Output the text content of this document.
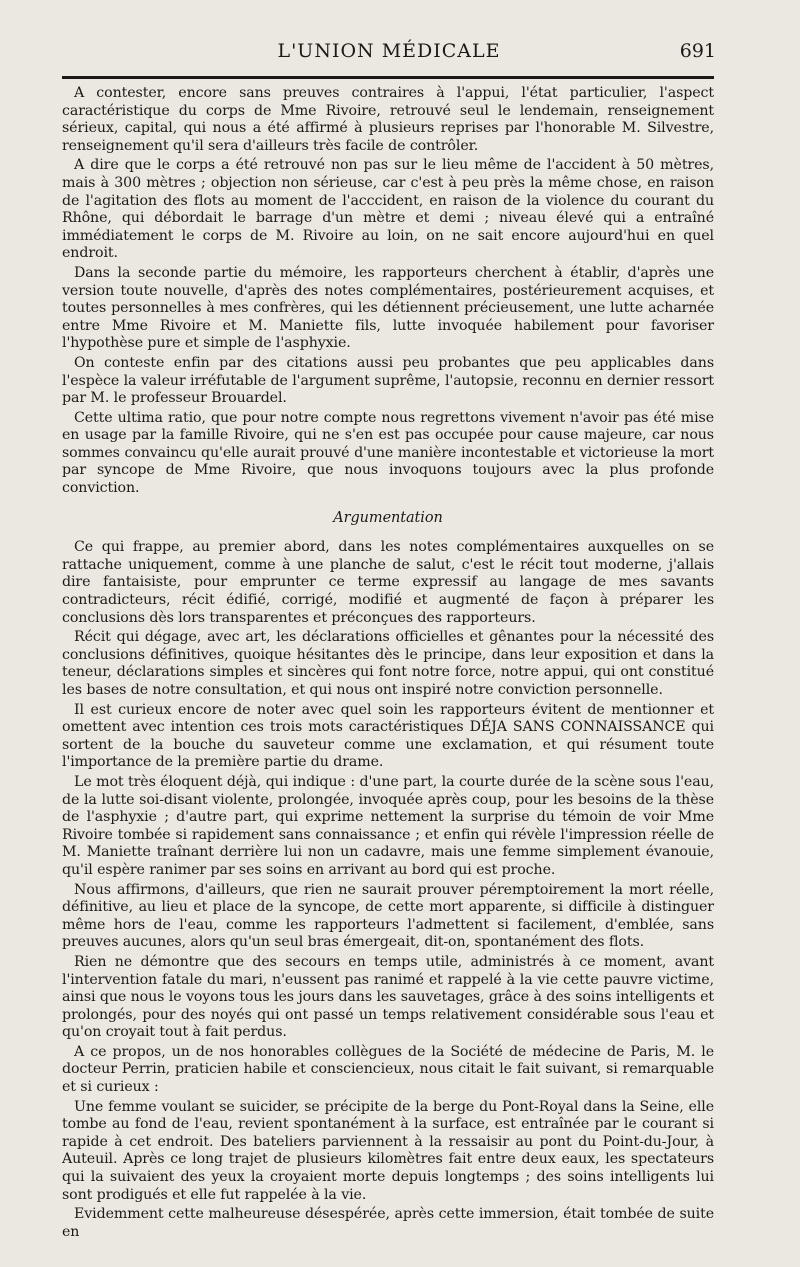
L'UNION MÉDICALE	691

A contester, encore sans preuves contraires à l'appui, l'état particulier, l'aspect caractéristique du corps de Mme Rivoire, retrouvé seul le lendemain, renseignement sérieux, capital, qui nous a été affirmé à plusieurs reprises par l'honorable M. Silvestre, renseignement qu'il sera d'ailleurs très facile de contrôler.

A dire que le corps a été retrouvé non pas sur le lieu même de l'accident à 50 mètres, mais à 300 mètres ; objection non sérieuse, car c'est à peu près la même chose, en raison de l'agitation des flots au moment de l'acccident, en raison de la violence du courant du Rhône, qui débordait le barrage d'un mètre et demi ; niveau élevé qui a entraîné immédiatement le corps de M. Rivoire au loin, on ne sait encore aujourd'hui en quel endroit.

Dans la seconde partie du mémoire, les rapporteurs cherchent à établir, d'après une version toute nouvelle, d'après des notes complémentaires, postérieurement acquises, et toutes personnelles à mes confrères, qui les détiennent précieusement, une lutte acharnée entre Mme Rivoire et M. Maniette fils, lutte invoquée habilement pour favoriser l'hypothèse pure et simple de l'asphyxie.

On conteste enfin par des citations aussi peu probantes que peu applicables dans l'espèce la valeur irréfutable de l'argument suprême, l'autopsie, reconnu en dernier ressort par M. le professeur Brouardel.

Cette ultima ratio, que pour notre compte nous regrettons vivement n'avoir pas été mise en usage par la famille Rivoire, qui ne s'en est pas occupée pour cause majeure, car nous sommes convaincu qu'elle aurait prouvé d'une manière incontestable et victorieuse la mort par syncope de Mme Rivoire, que nous invoquons toujours avec la plus profonde conviction.

Argumentation

Ce qui frappe, au premier abord, dans les notes complémentaires auxquelles on se rattache uniquement, comme à une planche de salut, c'est le récit tout moderne, j'allais dire fantaisiste, pour emprunter ce terme expressif au langage de mes savants contradicteurs, récit édifié, corrigé, modifié et augmenté de façon à préparer les conclusions dès lors transparentes et préconçues des rapporteurs.

Récit qui dégage, avec art, les déclarations officielles et gênantes pour la nécessité des conclusions définitives, quoique hésitantes dès le principe, dans leur exposition et dans la teneur, déclarations simples et sincères qui font notre force, notre appui, qui ont constitué les bases de notre consultation, et qui nous ont inspiré notre conviction personnelle.

Il est curieux encore de noter avec quel soin les rapporteurs évitent de mentionner et omettent avec intention ces trois mots caractéristiques DÉJA SANS CONNAISSANCE qui sortent de la bouche du sauveteur comme une exclamation, et qui résument toute l'importance de la première partie du drame.

Le mot très éloquent déjà, qui indique : d'une part, la courte durée de la scène sous l'eau, de la lutte soi-disant violente, prolongée, invoquée après coup, pour les besoins de la thèse de l'asphyxie ; d'autre part, qui exprime nettement la surprise du témoin de voir Mme Rivoire tombée si rapidement sans connaissance ; et enfin qui révèle l'impression réelle de M. Maniette traînant derrière lui non un cadavre, mais une femme simplement évanouie, qu'il espère ranimer par ses soins en arrivant au bord qui est proche.

Nous affirmons, d'ailleurs, que rien ne saurait prouver péremptoirement la mort réelle, définitive, au lieu et place de la syncope, de cette mort apparente, si difficile à distinguer même hors de l'eau, comme les rapporteurs l'admettent si facilement, d'emblée, sans preuves aucunes, alors qu'un seul bras émergeait, dit-on, spontanément des flots.

Rien ne démontre que des secours en temps utile, administrés à ce moment, avant l'intervention fatale du mari, n'eussent pas ranimé et rappelé à la vie cette pauvre victime, ainsi que nous le voyons tous les jours dans les sauvetages, grâce à des soins intelligents et prolongés, pour des noyés qui ont passé un temps relativement considérable sous l'eau et qu'on croyait tout à fait perdus.

A ce propos, un de nos honorables collègues de la Société de médecine de Paris, M. le docteur Perrin, praticien habile et consciencieux, nous citait le fait suivant, si remarquable et si curieux :

Une femme voulant se suicider, se précipite de la berge du Pont-Royal dans la Seine, elle tombe au fond de l'eau, revient spontanément à la surface, est entraînée par le courant si rapide à cet endroit. Des bateliers parviennent à la ressaisir au pont du Point-du-Jour, à Auteuil. Après ce long trajet de plusieurs kilomètres fait entre deux eaux, les spectateurs qui la suivaient des yeux la croyaient morte depuis longtemps ; des soins intelligents lui sont prodigués et elle fut rappelée à la vie.

Evidemment cette malheureuse désespérée, après cette immersion, était tombée de suite en
